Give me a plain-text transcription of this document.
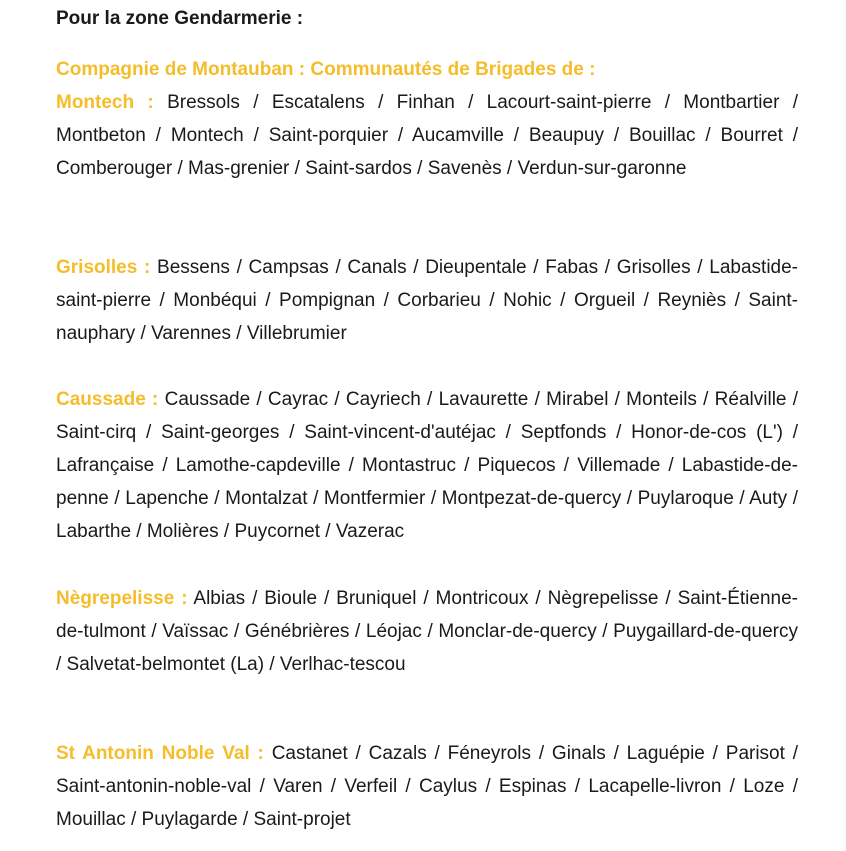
Pour la zone Gendarmerie :
Compagnie de Montauban : Communautés de Brigades de :
Montech : Bressols / Escatalens / Finhan / Lacourt-saint-pierre / Montbartier / Montbeton / Montech / Saint-porquier / Aucamville / Beaupuy / Bouillac / Bourret / Comberouger / Mas-grenier / Saint-sardos / Savenès / Verdun-sur-garonne
Grisolles : Bessens / Campsas / Canals / Dieupentale / Fabas / Grisolles / Labastide-saint-pierre / Monbéqui / Pompignan / Corbarieu / Nohic / Orgueil / Reyniès / Saint-nauphary / Varennes / Villebrumier
Caussade : Caussade / Cayrac / Cayriech / Lavaurette / Mirabel / Monteils / Réalville / Saint-cirq / Saint-georges / Saint-vincent-d'autéjac / Septfonds / Honor-de-cos (L') / Lafrançaise / Lamothe-capdeville / Montastruc / Piquecos / Villemade / Labastide-de-penne / Lapenche / Montalzat / Montfermier / Montpezat-de-quercy / Puylaroque / Auty / Labarthe / Molières / Puycornet / Vazerac
Nègrepelisse : Albias / Bioule / Bruniquel / Montricoux / Nègrepelisse / Saint-Étienne-de-tulmont / Vaïssac / Génébrières / Léojac / Monclar-de-quercy / Puygaillard-de-quercy / Salvetat-belmontet (La) / Verlhac-tescou
St Antonin Noble Val : Castanet / Cazals / Féneyrols / Ginals / Laguépie / Parisot / Saint-antonin-noble-val / Varen / Verfeil / Caylus / Espinas / Lacapelle-livron / Loze / Mouillac / Puylagarde / Saint-projet
